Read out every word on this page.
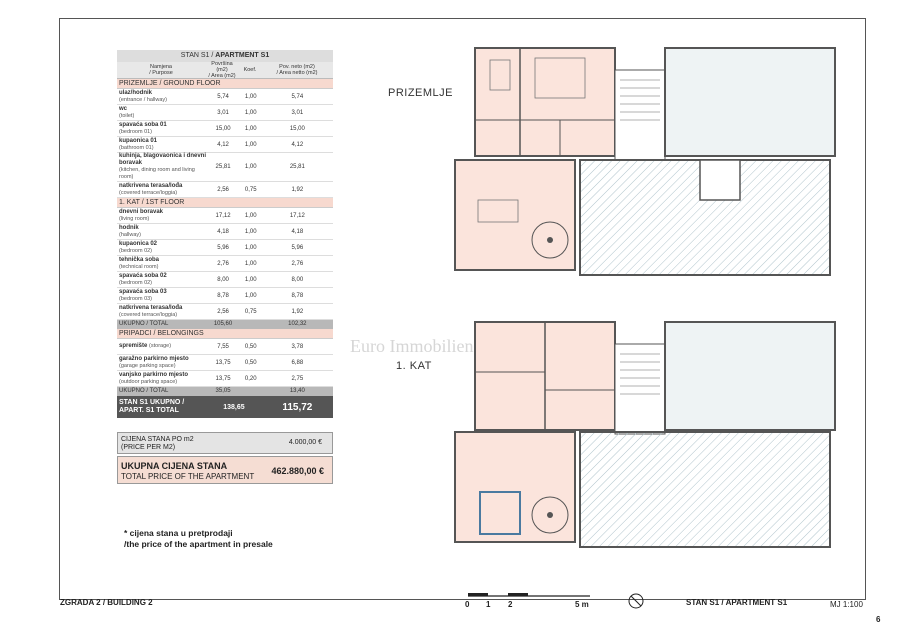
STAN S1 / APARTMENT S1
Namjena
/ Purpose
Površina (m2)
/ Area (m2)
Koef.	Pov. neto (m2)
/ Area netto (m2)
PRIZEMLJE / GROUND FLOOR
ulaz/hodnik
(entrance / hallway)	5,74	1,00	5,74
wc
(toilet)	3,01	1,00	3,01
spavaća soba 01
(bedroom 01)	15,00	1,00	15,00
kupaonica 01
(bathroom 01)	4,12	1,00	4,12
kuhinja, blagovaonica i dnevni boravak
(kitchen, dining room and living room)
25,81	1,00	25,81
natkrivena terasa/lođa
(covered terrace/loggia)	2,56	0,75	1,92
1. KAT / 1ST FLOOR
dnevni boravak
(living room)	17,12	1,00	17,12
hodnik
(hallway)	4,18	1,00	4,18
kupaonica 02
(bedroom 02)	5,96	1,00	5,96
tehnička soba
(technical room)	2,76	1,00	2,76
spavaća soba 02
(bedroom 02)	8,00	1,00	8,00
spavaća soba 03
(bedroom 03)	8,78	1,00	8,78
natkrivena terasa/lođa
(covered terrace/loggia)	2,56	0,75	1,92
UKUPNO / TOTAL	105,60	102,32
PRIPADCI / BELONGINGS
spremište (storage)	7,55	0,50	3,78
garažno parkirno mjesto
(garage parking space)	13,75	0,50	6,88
vanjsko parkirno mjesto
(outdoor parking space)	13,75	0,20	2,75
UKUPNO / TOTAL	35,05	13,40
STAN S1 UKUPNO /
APART. S1 TOTAL	138,65	115,72
CIJENA STANA PO m2
(PRICE PER M2)
4.000,00 €
UKUPNA CIJENA STANA
TOTAL PRICE OF THE APARTMENT
462.880,00 €
* cijena stana u pretprodaji
/the price of the apartment in presale
PRIZEMLJE
1. KAT
Euro Immobilien
ZGRADA 2 / BUILDING 2	0 1 2	5 m	STAN S1 / APARTMENT S1	MJ 1:100
6
